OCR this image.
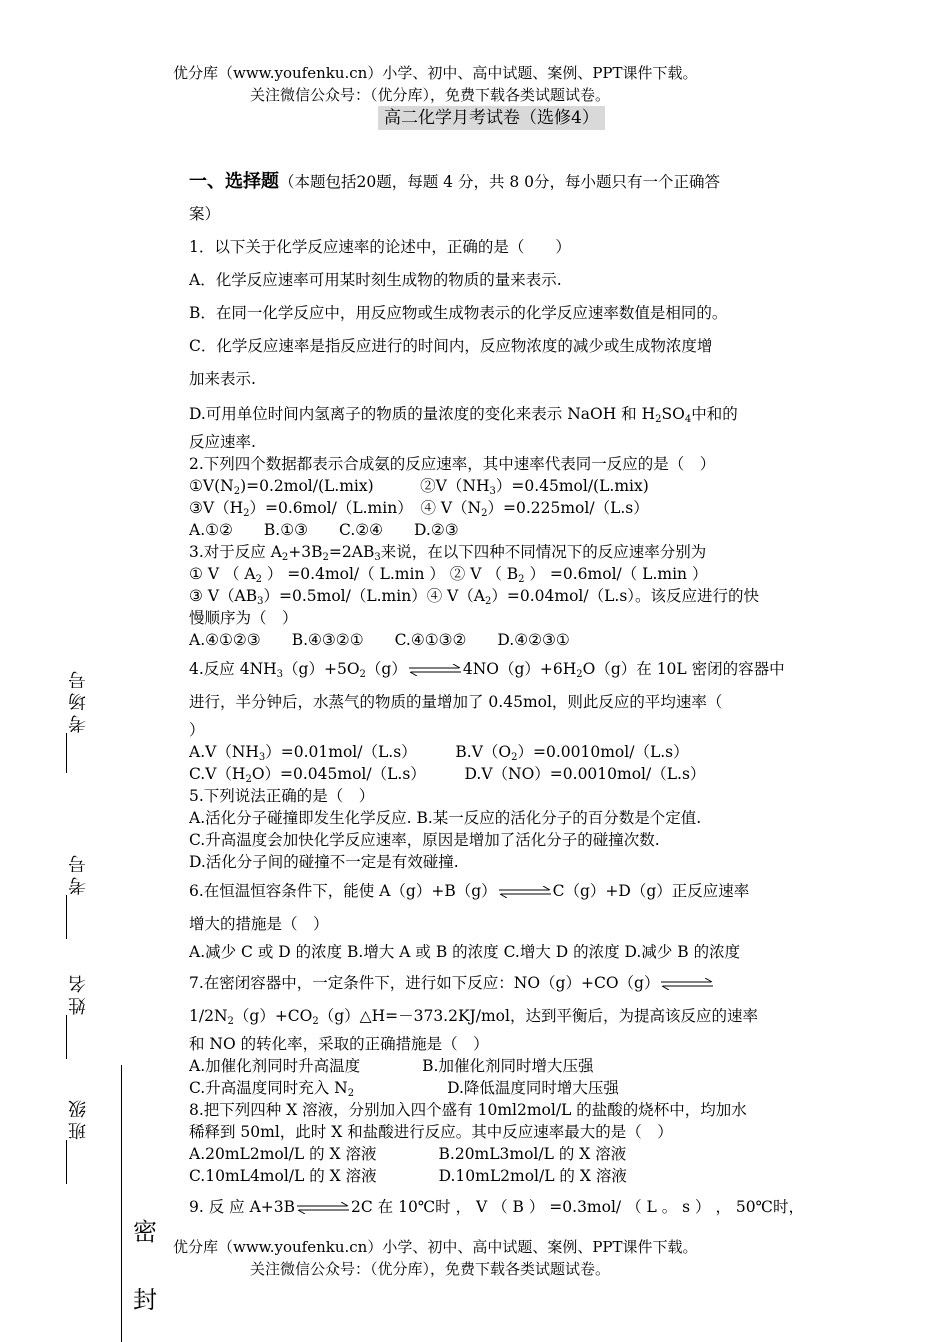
优分库（www.youfenku.cn）小学、初中、高中试题、案例、PPT课件下载。
关注微信公众号：（优分库），免费下载各类试题试卷。
高二化学月考试卷（选修4）
一、选择题（本题包括20题，每题 4 分，共 8 0分，每小题只有一个正确答
案）
1．以下关于化学反应速率的论述中，正确的是（　　）
A．化学反应速率可用某时刻生成物的物质的量来表示.
B．在同一化学反应中，用反应物或生成物表示的化学反应速率数值是相同的。
C．化学反应速率是指反应进行的时间内，反应物浓度的减少或生成物浓度增
加来表示.
D.可用单位时间内氢离子的物质的量浓度的变化来表示 NaOH 和 $H_2SO_4$中和的
反应速率.
2.下列四个数据都表示合成氨的反应速率，其中速率代表同一反应的是（　）
$①V(N_2)=0.2mol/(L.mix)$　　　$②V(NH_3)=0.45mol/(L.mix)$
$③V(H_2)=0.6mol/(L.\min)$　④ $V(N_2)=0.225mol/(L.s)$
A.①②　　B.①③　　C.②④　　D.②③
3.对于反应 $A_2+3B_2=2AB_3$来说，在以下四种不同情况下的反应速率分别为
① V （ $A_2$ ） =0.4mol/（ L.min ） ② V （ $B_2$ ） =0.6mol/（ L.min ）
③ $V(AB_3)=0.5mol/(L.\min)④$ $V(A_2)=0.04mol/(L.s)$。该反应进行的快
慢顺序为（　）
A.④①②③　　B.④③②①　　C.④①③②　　D.④②③①
4.反应 $4NH_3(g)+5O_2(g)\rightleftharpoons 4NO(g)+6H_2O(g)$在 10L 密闭的容器中
进行，半分钟后，水蒸气的物质的量增加了 0.45mol，则此反应的平均速率（
）
$A.V(NH_3)=0.01mol/(L.s)$　　　$B.V(O_2)=0.0010mol/(L.s)$
$C.V(H_2O)=0.045mol/(L.s)$　　　D.V（NO）=0.0010mol/（L.s）
5.下列说法正确的是（　）
A.活化分子碰撞即发生化学反应. B.某一反应的活化分子的百分数是个定值.
C.升高温度会加快化学反应速率，原因是增加了活化分子的碰撞次数.
D.活化分子间的碰撞不一定是有效碰撞.
6.在恒温恒容条件下，能使 A（g）+B（g）⇌C（g）+D（g）正反应速率
增大的措施是（　）
A.减少 C 或 D 的浓度 B.增大 A 或 B 的浓度 C.增大 D 的浓度 D.减少 B 的浓度
7.在密闭容器中，一定条件下，进行如下反应：NO（g）+CO（g）⇌
$1/2N_2(g)+CO_2(g)\triangle H=-373.2KJ$/mol，达到平衡后，为提高该反应的速率
和 NO 的转化率，采取的正确措施是（　）
A.加催化剂同时升高温度　　　　B.加催化剂同时增大压强
C.升高温度同时充入 $N_2$　　　　　　D.降低温度同时增大压强
8.把下列四种 X 溶液，分别加入四个盛有 10ml2mol/L 的盐酸的烧杯中，均加水
稀释到 50ml，此时 X 和盐酸进行反应。其中反应速率最大的是（　）
A.20mL2mol/L 的 X 溶液　　　　B.20mL3mol/L 的 X 溶液
C.10mL4mol/L 的 X 溶液　　　　D.10mL2mol/L 的 X 溶液
9. 反 应 A+3B⇌2C 在 10℃时 ， V （ B ） =0.3mol/ （ L 。 s ） ， 50℃时，
考场号
考号
姓名
班级
密
封
优分库（www.youfenku.cn）小学、初中、高中试题、案例、PPT课件下载。
关注微信公众号：（优分库），免费下载各类试题试卷。
